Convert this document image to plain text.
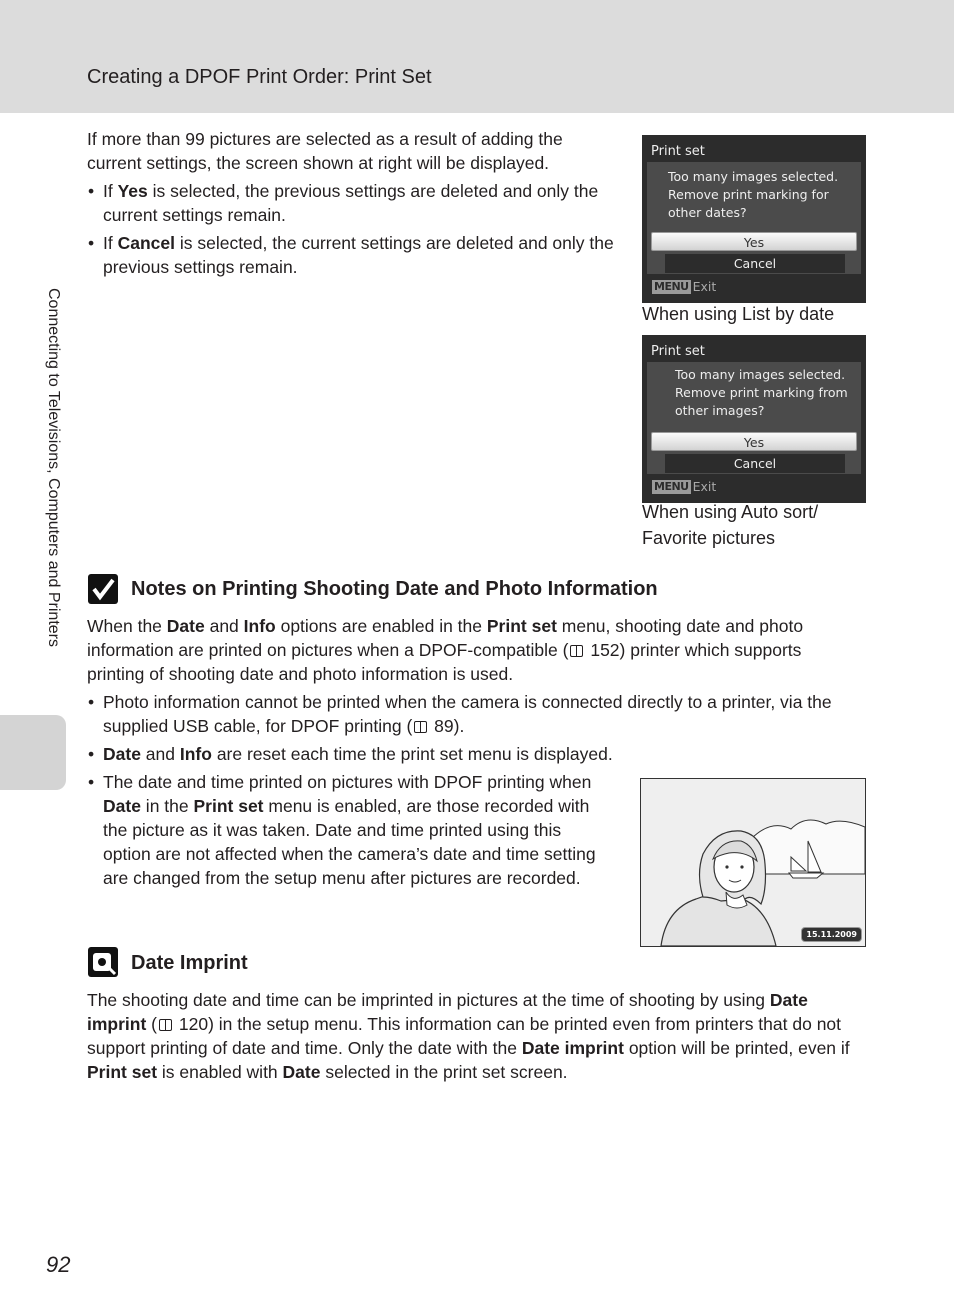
Creating a DPOF Print Order: Print Set
Connecting to Televisions, Computers and Printers

If more than 99 pictures are selected as a result of adding the current settings, the screen shown at right will be displayed.

• If Yes is selected, the previous settings are deleted and only the current settings remain.
• If Cancel is selected, the current settings are deleted and only the previous settings remain.
Print set
Too many images selected.
Remove print marking for
other dates?
Yes
Cancel
MENU Exit
When using List by date
Print set
Too many images selected.
Remove print marking from
other images?
Yes
Cancel
MENU Exit
When using Auto sort/
Favorite pictures
Notes on Printing Shooting Date and Photo Information

When the Date and Info options are enabled in the Print set menu, shooting date and photo information are printed on pictures when a DPOF-compatible ( 152) printer which supports printing of shooting date and photo information is used.

• Photo information cannot be printed when the camera is connected directly to a printer, via the supplied USB cable, for DPOF printing ( 89).
• Date and Info are reset each time the print set menu is displayed.
• The date and time printed on pictures with DPOF printing when Date in the Print set menu is enabled, are those recorded with the picture as it was taken. Date and time printed using this option are not affected when the camera’s date and time setting are changed from the setup menu after pictures are recorded.
15.11.2009
Date Imprint

The shooting date and time can be imprinted in pictures at the time of shooting by using Date imprint ( 120) in the setup menu. This information can be printed even from printers that do not support printing of date and time. Only the date with the Date imprint option will be printed, even if Print set is enabled with Date selected in the print set screen.

92
